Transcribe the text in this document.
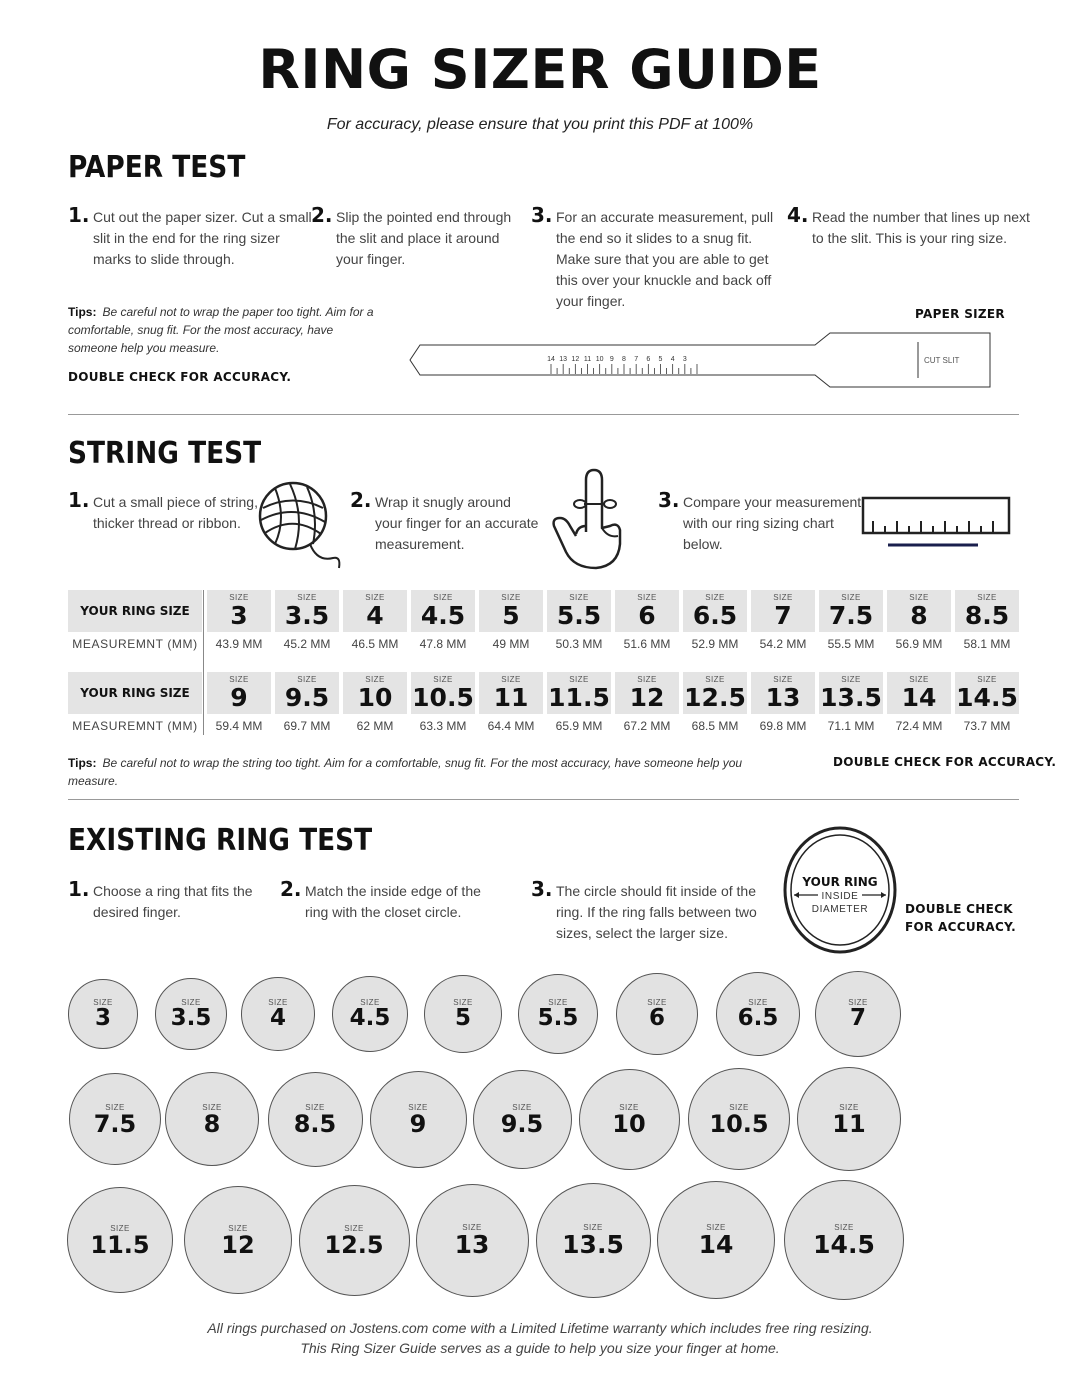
RING SIZER GUIDE
For accuracy, please ensure that you print this PDF at 100%
PAPER TEST
1. Cut out the paper sizer. Cut a small
slit in the end for the ring sizer
marks to slide through.
2. Slip the pointed end through
the slit and place it around
your finger.
3. For an accurate measurement, pull
the end so it slides to a snug fit.
Make sure that you are able to get
this over your knuckle and back off
your finger.
4. Read the number that lines up next
to the slit. This is your ring size.
Tips: Be careful not to wrap the paper too tight. Aim for a comfortable, snug fit. For the most accuracy, have someone help you measure.
DOUBLE CHECK FOR ACCURACY.
PAPER SIZER
14 13 12 11 10 9 8 7 6 5 4 3	CUT SLIT
STRING TEST
1. Cut a small piece of string,
thicker thread or ribbon.
2. Wrap it snugly around
your finger for an accurate
measurement.
3. Compare your measurement
with our ring sizing chart
below.
YOUR RING SIZE
MEASUREMNT (MM)
SIZE
3
43.9 MM
SIZE
3.5
45.2 MM
SIZE
4
46.5 MM
SIZE
4.5
47.8 MM
SIZE
5
49 MM
SIZE
5.5
50.3 MM
SIZE
6
51.6 MM
SIZE
6.5
52.9 MM
SIZE
7
54.2 MM
SIZE
7.5
55.5 MM
SIZE
8
56.9 MM
SIZE
8.5
58.1 MM
YOUR RING SIZE
MEASUREMNT (MM)
SIZE
9
59.4 MM
SIZE
9.5
69.7 MM
SIZE
10
62 MM
SIZE
10.5
63.3 MM
SIZE
11
64.4 MM
SIZE
11.5
65.9 MM
SIZE
12
67.2 MM
SIZE
12.5
68.5 MM
SIZE
13
69.8 MM
SIZE
13.5
71.1 MM
SIZE
14
72.4 MM
SIZE
14.5
73.7 MM
Tips: Be careful not to wrap the string too tight. Aim for a comfortable, snug fit. For the most accuracy, have someone help you measure.
DOUBLE CHECK FOR ACCURACY.
EXISTING RING TEST
1. Choose a ring that fits the
desired finger.
2. Match the inside edge of the
ring with the closet circle.
3. The circle should fit inside of the
ring. If the ring falls between two
sizes, select the larger size.
YOUR RING
INSIDE
DIAMETER	DOUBLE CHECK
FOR ACCURACY.
SIZE
3
SIZE
3.5
SIZE
4
SIZE
4.5
SIZE
5
SIZE
5.5
SIZE
6
SIZE
6.5
SIZE
7
SIZE
7.5
SIZE
8
SIZE
8.5
SIZE
9
SIZE
9.5
SIZE
10
SIZE
10.5
SIZE
11
SIZE
11.5
SIZE
12
SIZE
12.5
SIZE
13
SIZE
13.5
SIZE
14
SIZE
14.5
All rings purchased on Jostens.com come with a Limited Lifetime warranty which includes free ring resizing.
This Ring Sizer Guide serves as a guide to help you size your finger at home.
